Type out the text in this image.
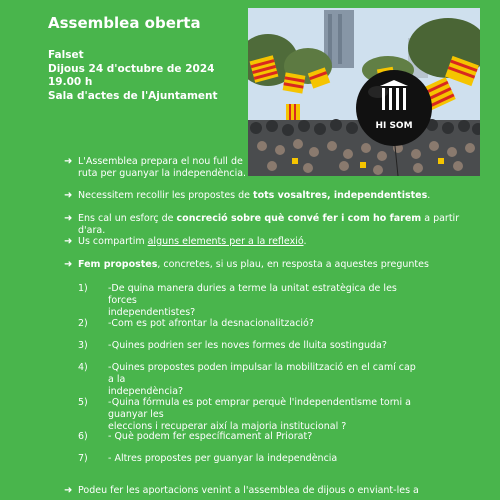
Assemblea oberta
Falset
Dijous 24 d'octubre de 2024
19.00 h
Sala d'actes de l'Ajuntament
HI SOM
➜ L'Assemblea prepara el nou full de
ruta per guanyar la independència.
➜ Necessitem recollir les propostes de tots vosaltres, independentistes.
➜ Ens cal un esforç de concreció sobre què convé fer i com ho farem a partir d'ara.
➜ Us compartim alguns elements per a la reflexió.
➜ Fem propostes, concretes, si us plau, en resposta a aquestes preguntes
➜ Podeu fer les aportacions venint a l'assemblea de dijous o enviant-les a
1)	-De quina manera duries a terme la unitat estratègica de les forces
independentistes?
2)	-Com es pot afrontar la desnacionalització?
3)	-Quines podrien ser les noves formes de lluita sostinguda?
4)	-Quines propostes poden impulsar la mobilització en el camí cap a la
independència?
5)	-Quina fórmula es pot emprar perquè l'independentisme torni a guanyar les
eleccions i recuperar així la majoria institucional ?
6)	- Què podem fer específicament al Priorat?
7)	- Altres propostes per guanyar la independència
